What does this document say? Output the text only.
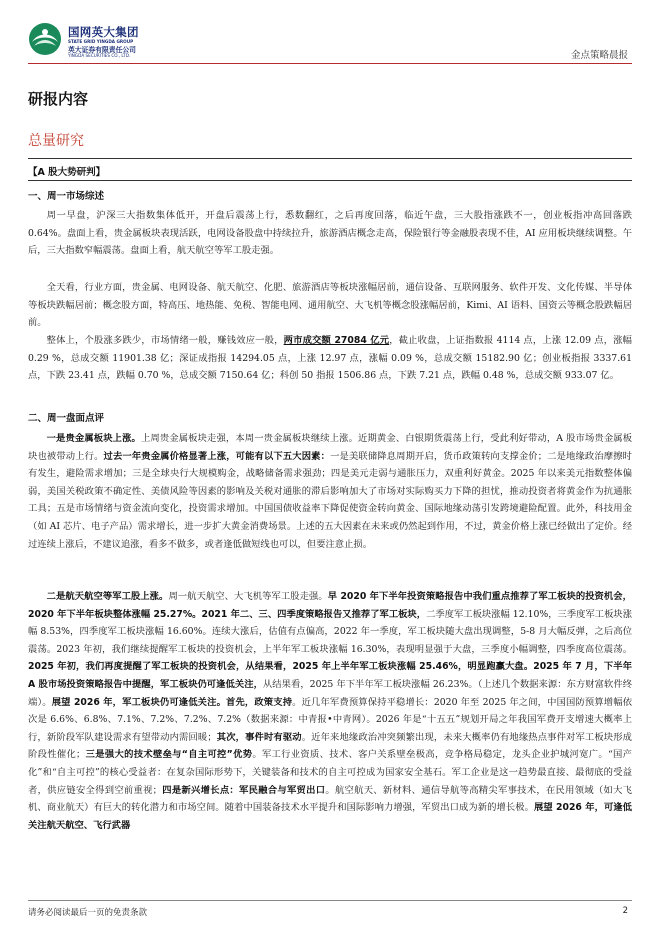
国网英大集团
STATE GRID YINGDA GROUP
英大证券有限责任公司
YINGDA SECURITIES CO., LTD.	金点策略晨报
研报内容
总量研究
【A 股大势研判】
一、周一市场综述

周一早盘，沪深三大指数集体低开，开盘后震荡上行，悉数翻红，之后再度回落，临近午盘，三大股指涨跌不一，创业板指冲高回落跌 0.64%。盘面上看，贵金属板块表现活跃，电网设备股盘中持续拉升，旅游酒店概念走高，保险银行等金融股表现不佳，AI 应用板块继续调整。午后，三大指数窄幅震荡。盘面上看，航天航空等军工股走强。

全天看，行业方面，贵金属、电网设备、航天航空、化肥、旅游酒店等板块涨幅居前，通信设备、互联网服务、软件开发、文化传媒、半导体等板块跌幅居前；概念股方面，特高压、地热能、免税、智能电网、通用航空、大飞机等概念股涨幅居前，Kimi、AI 语料、国资云等概念股跌幅居前。

整体上，个股涨多跌少，市场情绪一般，赚钱效应一般，两市成交额 27084 亿元，截止收盘，上证指数报 4114 点，上涨 12.09 点，涨幅 0.29 %，总成交额 11901.38 亿；深证成指报 14294.05 点，上涨 12.97 点，涨幅 0.09 %，总成交额 15182.90 亿；创业板指报 3337.61 点，下跌 23.41 点，跌幅 0.70 %，总成交额 7150.64 亿；科创 50 指报 1506.86 点，下跌 7.21 点，跌幅 0.48 %，总成交额 933.07 亿。

二、周一盘面点评

一是贵金属板块上涨。上周贵金属板块走强，本周一贵金属板块继续上涨。近期黄金、白银期货震荡上行，受此利好带动，A 股市场贵金属板块也被带动上行。过去一年贵金属价格显著上涨，可能有以下五大因素：一是美联储降息周期开启，货币政策转向支撑金价；二是地缘政治摩擦时有发生，避险需求增加；三是全球央行大规模购金，战略储备需求强劲；四是美元走弱与通胀压力，双重利好黄金。2025 年以来美元指数整体偏弱，美国关税政策不确定性、美债风险等因素的影响及关税对通胀的滞后影响加大了市场对实际购买力下降的担忧，推动投资者将黄金作为抗通胀工具；五是市场情绪与资金流向变化，投资需求增加。中国国债收益率下降促使资金转向黄金、国际地缘动荡引发跨境避险配置。此外，科技用金（如 AI 芯片、电子产品）需求增长，进一步扩大黄金消费场景。上述的五大因素在未来或仍然起到作用，不过，黄金价格上涨已经做出了定价。经过连续上涨后，不建议追涨，看多不做多，或者逢低做短线也可以，但要注意止损。

二是航天航空等军工股上涨。周一航天航空、大飞机等军工股走强。早 2020 年下半年投资策略报告中我们重点推荐了军工板块的投资机会，2020 年下半年板块整体涨幅 25.27%。2021 年二、三、四季度策略报告又推荐了军工板块，二季度军工板块涨幅 12.10%，三季度军工板块涨幅 8.53%，四季度军工板块涨幅 16.60%。连续大涨后，估值有点偏高，2022 年一季度，军工板块随大盘出现调整，5-8 月大幅反弹，之后高位震荡。2023 年初，我们继续提醒军工板块的投资机会，上半年军工板块涨幅 16.30%，表现明显强于大盘，三季度小幅调整，四季度高位震荡。2025 年初，我们再度提醒了军工板块的投资机会，从结果看，2025 年上半年军工板块涨幅 25.46%，明显跑赢大盘。2025 年 7 月，下半年 A 股市场投资策略报告中提醒，军工板块仍可逢低关注，从结果看，2025 年下半年军工板块涨幅 26.23%。（上述几个数据来源：东方财富软件终端）。展望 2026 年，军工板块仍可逢低关注。首先，政策支持。近几年军费预算保持平稳增长：2020 年至 2025 年之间，中国国防预算增幅依次是 6.6%、6.8%、7.1%、7.2%、7.2%、7.2%（数据来源：中青报•中青网）。2026 年是“十五五”规划开局之年我国军费开支增速大概率上行，新阶段军队建设需求有望带动内需回暖；其次，事件时有驱动。近年来地缘政治冲突频繁出现，未来大概率仍有地缘热点事件对军工板块形成阶段性催化；三是强大的技术壁垒与“自主可控”优势。军工行业资质、技术、客户关系壁垒极高，竞争格局稳定，龙头企业护城河宽广。“国产化”和“自主可控”的核心受益者：在复杂国际形势下，关键装备和技术的自主可控成为国家安全基石。军工企业是这一趋势最直接、最彻底的受益者，供应链安全得到空前重视；四是新兴增长点：军民融合与军贸出口。航空航天、新材料、通信导航等高精尖军事技术，在民用领域（如大飞机、商业航天）有巨大的转化潜力和市场空间。随着中国装备技术水平提升和国际影响力增强，军贸出口成为新的增长极。展望 2026 年，可逢低关注航天航空、飞行武器

请务必阅读最后一页的免责条款	2
